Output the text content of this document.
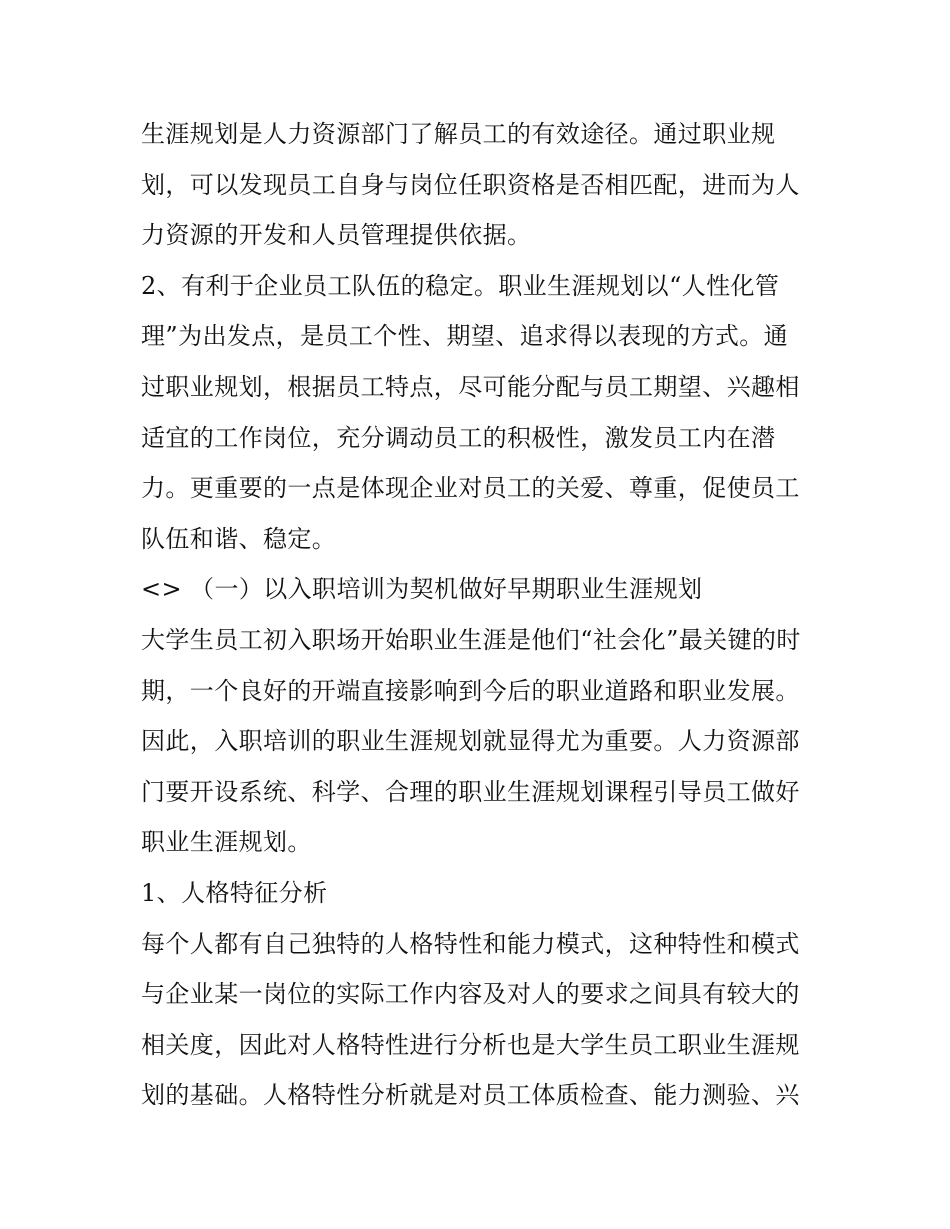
生涯规划是人力资源部门了解员工的有效途径。通过职业规
划，可以发现员工自身与岗位任职资格是否相匹配，进而为人
力资源的开发和人员管理提供依据。
2、有利于企业员工队伍的稳定。职业生涯规划以“人性化管
理”为出发点，是员工个性、期望、追求得以表现的方式。通
过职业规划，根据员工特点，尽可能分配与员工期望、兴趣相
适宜的工作岗位，充分调动员工的积极性，激发员工内在潜
力。更重要的一点是体现企业对员工的关爱、尊重，促使员工
队伍和谐、稳定。
<> （一）以入职培训为契机做好早期职业生涯规划
大学生员工初入职场开始职业生涯是他们“社会化”最关键的时
期，一个良好的开端直接影响到今后的职业道路和职业发展。
因此，入职培训的职业生涯规划就显得尤为重要。人力资源部
门要开设系统、科学、合理的职业生涯规划课程引导员工做好
职业生涯规划。
1、人格特征分析
每个人都有自己独特的人格特性和能力模式，这种特性和模式
与企业某一岗位的实际工作内容及对人的要求之间具有较大的
相关度，因此对人格特性进行分析也是大学生员工职业生涯规
划的基础。人格特性分析就是对员工体质检查、能力测验、兴
